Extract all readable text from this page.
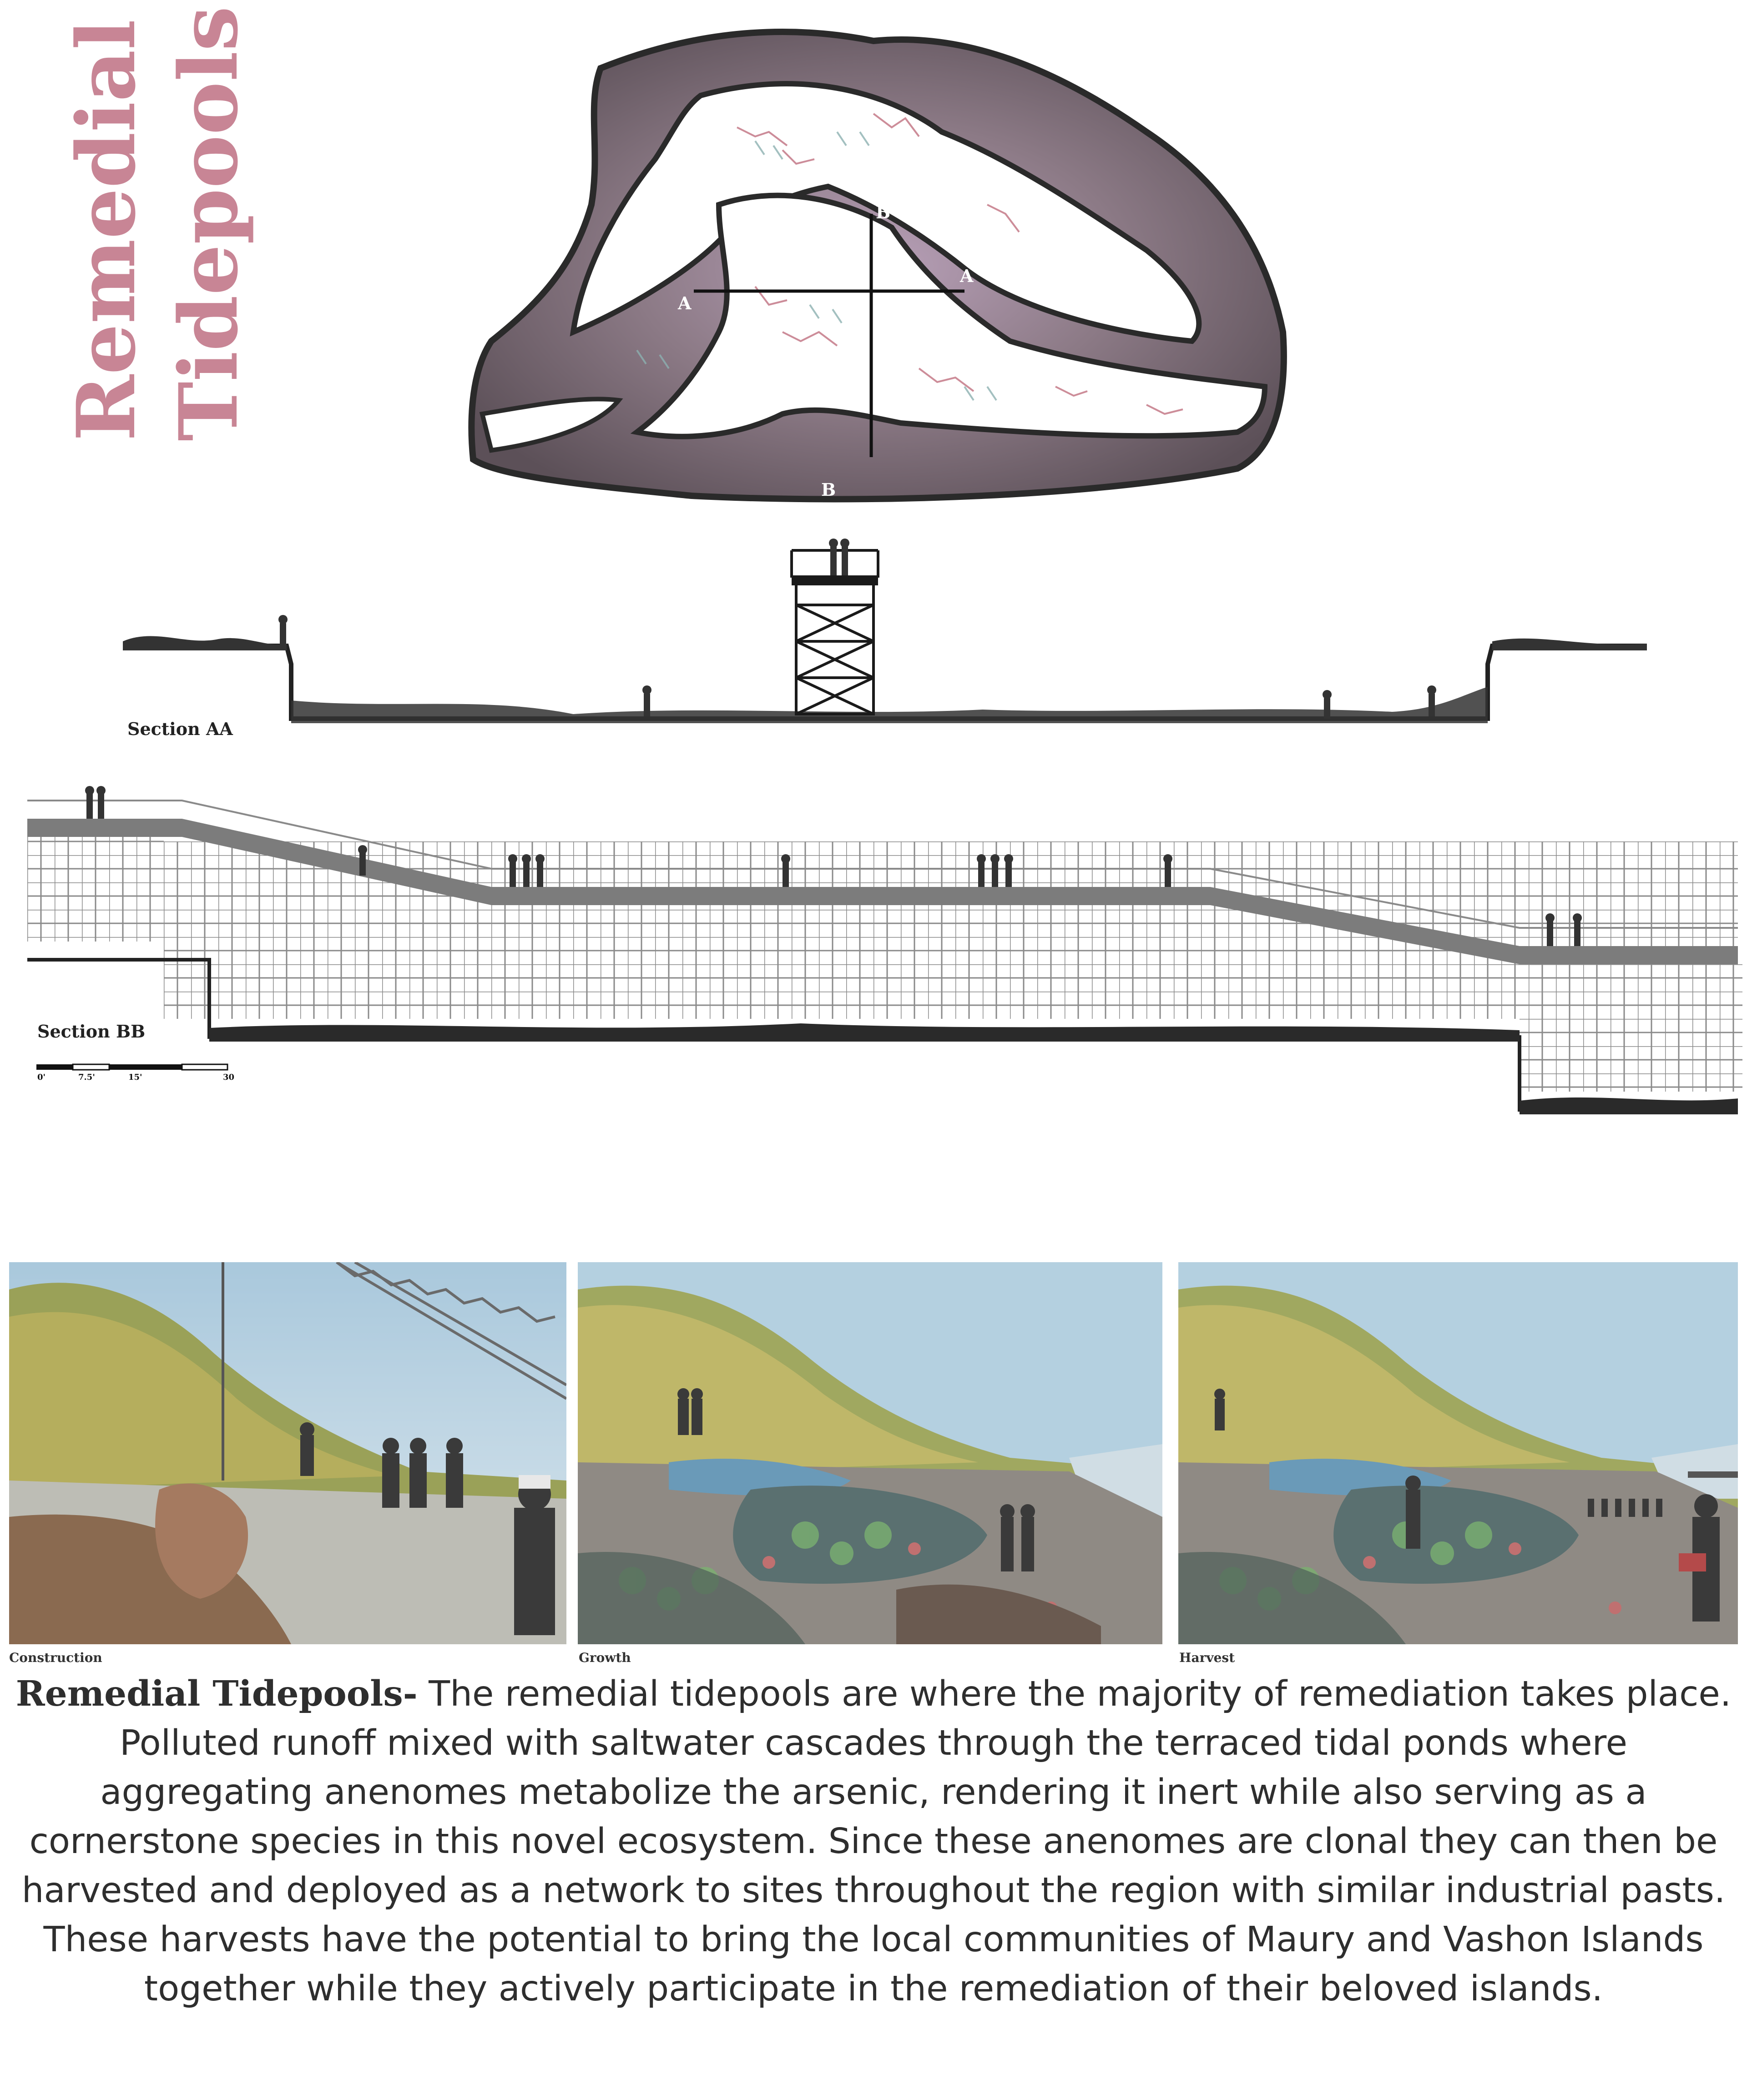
Remedial Tidepools	A
A
B
B
Section AA
Section BB
0'	7.5'	15'	30
Construction	Growth	Harvest
Remedial Tidepools- The remedial tidepools are where the majority of remediation takes place. Polluted runoff mixed with saltwater cascades through the terraced tidal ponds where aggregating anenomes metabolize the arsenic, rendering it inert while also serving as a cornerstone species in this novel ecosystem. Since these anenomes are clonal they can then be harvested and deployed as a network to sites throughout the region with similar industrial pasts. These harvests have the potential to bring the local communities of Maury and Vashon Islands together while they actively participate in the remediation of their beloved islands.
